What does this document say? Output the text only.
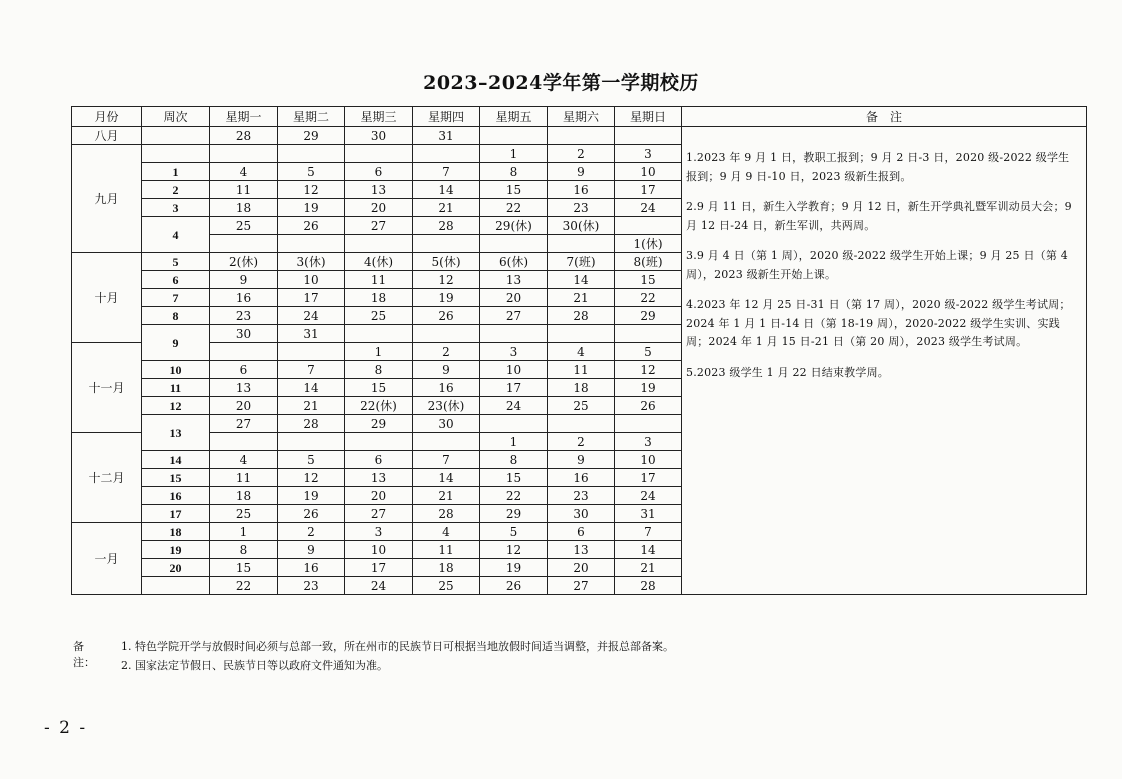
2023–2024学年第一学期校历
月份	周次	星期一	星期二	星期三	星期四	星期五	星期六	星期日	备　注
八月		28	29	30	31				1.2023 年 9 月 1 日，教职工报到；9 月 2 日-3 日，2020 级-2022 级学生报到；9 月 9 日-10 日，2023 级新生报到。

2.9 月 11 日，新生入学教育；9 月 12 日，新生开学典礼暨军训动员大会；9 月 12 日-24 日，新生军训，共两周。

3.9 月 4 日（第 1 周），2020 级-2022 级学生开始上课；9 月 25 日（第 4 周），2023 级新生开始上课。

4.2023 年 12 月 25 日-31 日（第 17 周），2020 级-2022 级学生考试周；2024 年 1 月 1 日-14 日（第 18-19 周），2020-2022 级学生实训、实践周；2024 年 1 月 15 日-21 日（第 20 周），2023 级学生考试周。

5.2023 级学生 1 月 22 日结束教学周。

九月						1	2	3	
	1	4	5	6	7	8	9	10	
	2	11	12	13	14	15	16	17	
	3	18	19	20	21	22	23	24	
	4	25	26	27	28	29(休)	30(休)		
								1(休)	
十月	5	2(休)	3(休)	4(休)	5(休)	6(休)	7(班)	8(班)	
	6	9	10	11	12	13	14	15	
	7	16	17	18	19	20	21	22	
	8	23	24	25	26	27	28	29	
	9	30	31						
十一月				1	2	3	4	5	
	10	6	7	8	9	10	11	12	
	11	13	14	15	16	17	18	19	
	12	20	21	22(休)	23(休)	24	25	26	
	13	27	28	29	30				
十二月						1	2	3	
	14	4	5	6	7	8	9	10	
	15	11	12	13	14	15	16	17	
	16	18	19	20	21	22	23	24	
	17	25	26	27	28	29	30	31	
一月	18	1	2	3	4	5	6	7	
	19	8	9	10	11	12	13	14	
	20	15	16	17	18	19	20	21	
		22	23	24	25	26	27	28	
备注：
1. 特色学院开学与放假时间必须与总部一致，所在州市的民族节日可根据当地放假时间适当调整，并报总部备案。
2. 国家法定节假日、民族节日等以政府文件通知为准。
- 2 -
